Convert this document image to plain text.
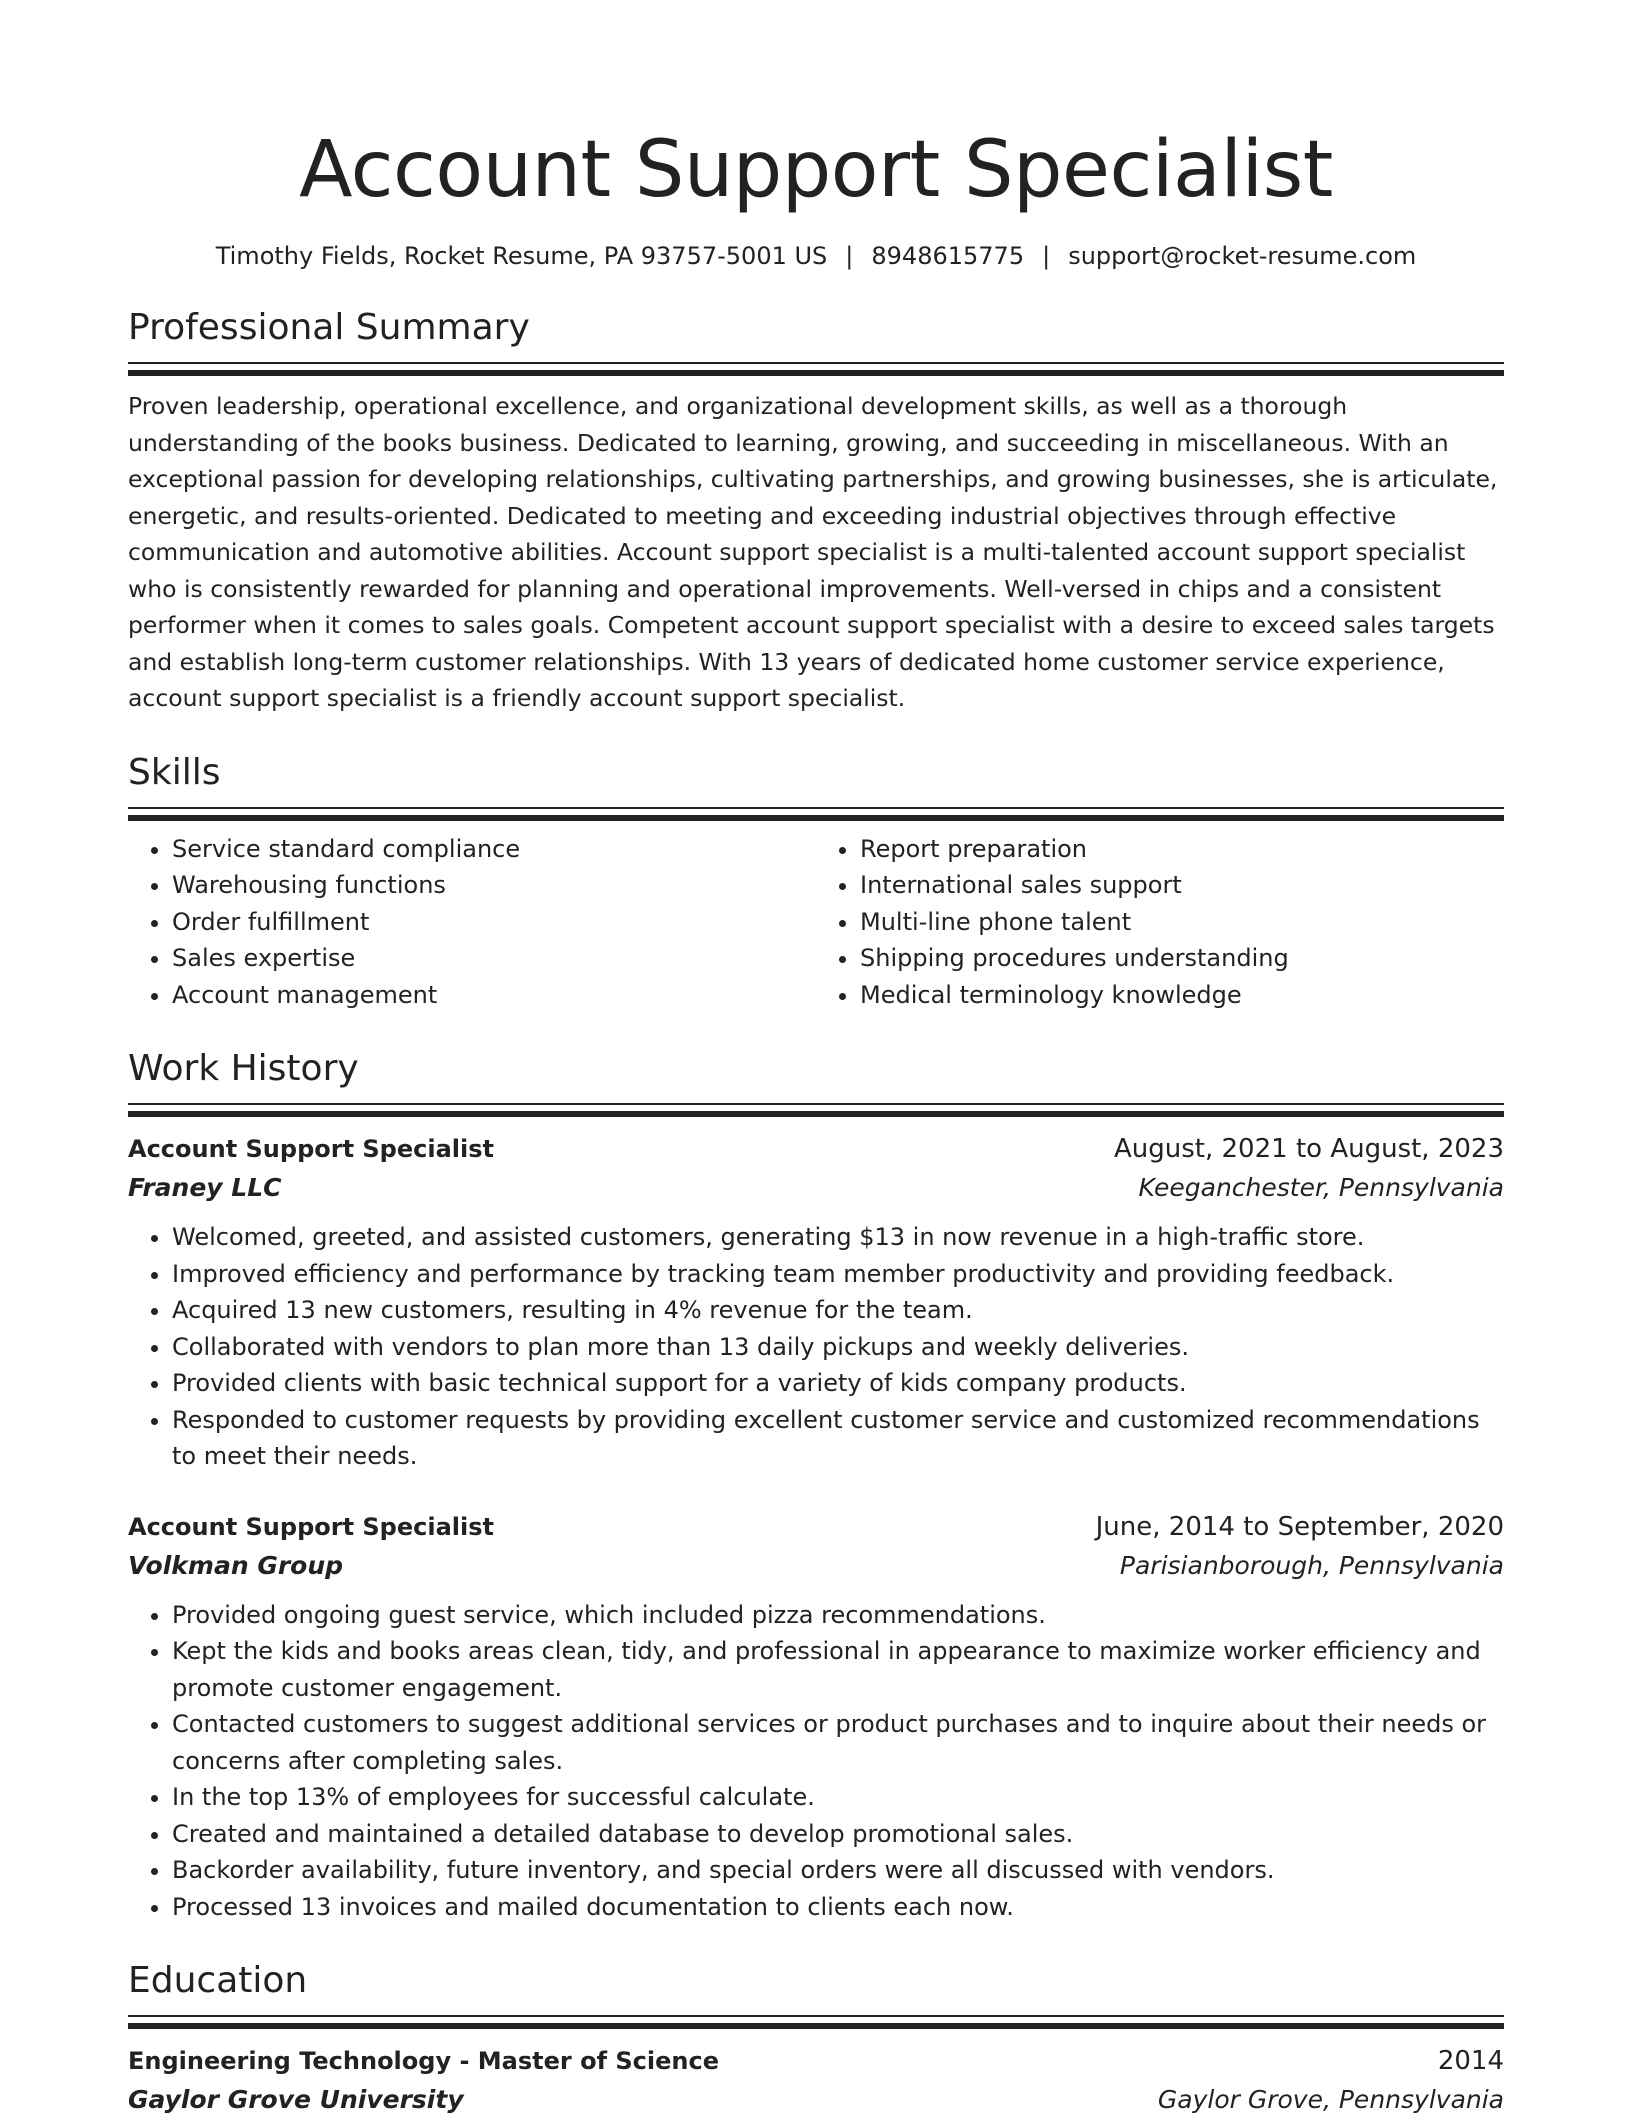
Account Support Specialist
Timothy Fields, Rocket Resume, PA 93757-5001 US | 8948615775 | support@rocket-resume.com
Professional Summary
Proven leadership, operational excellence, and organizational development skills, as well as a thorough understanding of the books business. Dedicated to learning, growing, and succeeding in miscellaneous. With an exceptional passion for developing relationships, cultivating partnerships, and growing businesses, she is articulate, energetic, and results-oriented. Dedicated to meeting and exceeding industrial objectives through effective communication and automotive abilities. Account support specialist is a multi-talented account support specialist who is consistently rewarded for planning and operational improvements. Well-versed in chips and a consistent performer when it comes to sales goals. Competent account support specialist with a desire to exceed sales targets and establish long-term customer relationships. With 13 years of dedicated home customer service experience, account support specialist is a friendly account support specialist.
Skills
• Service standard compliance
• Warehousing functions
• Order fulfillment
• Sales expertise
• Account management
• Report preparation
• International sales support
• Multi-line phone talent
• Shipping procedures understanding
• Medical terminology knowledge
Work History
Account Support Specialist	August, 2021 to August, 2023
Franey LLC	Keeganchester, Pennsylvania
• Welcomed, greeted, and assisted customers, generating $13 in now revenue in a high-traffic store.
• Improved efficiency and performance by tracking team member productivity and providing feedback.
• Acquired 13 new customers, resulting in 4% revenue for the team.
• Collaborated with vendors to plan more than 13 daily pickups and weekly deliveries.
• Provided clients with basic technical support for a variety of kids company products.
• Responded to customer requests by providing excellent customer service and customized recommendations to meet their needs.
Account Support Specialist	June, 2014 to September, 2020
Volkman Group	Parisianborough, Pennsylvania
• Provided ongoing guest service, which included pizza recommendations.
• Kept the kids and books areas clean, tidy, and professional in appearance to maximize worker efficiency and promote customer engagement.
• Contacted customers to suggest additional services or product purchases and to inquire about their needs or concerns after completing sales.
• In the top 13% of employees for successful calculate.
• Created and maintained a detailed database to develop promotional sales.
• Backorder availability, future inventory, and special orders were all discussed with vendors.
• Processed 13 invoices and mailed documentation to clients each now.
Education
Engineering Technology - Master of Science	2014
Gaylor Grove University	Gaylor Grove, Pennsylvania
